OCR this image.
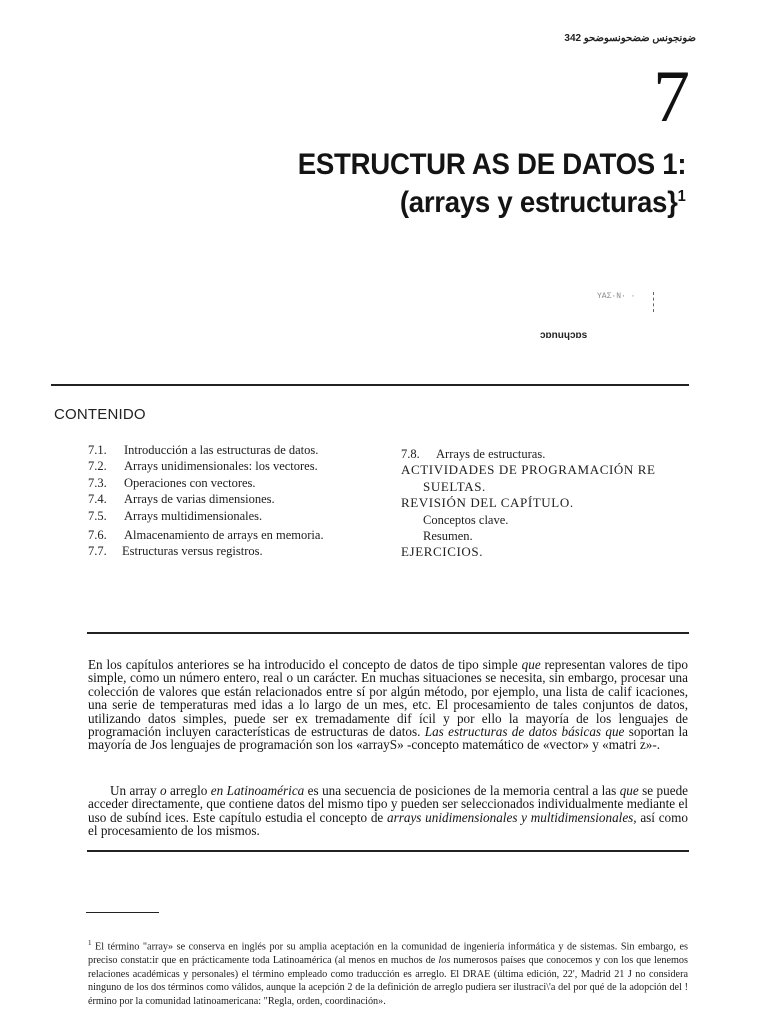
ضونجونس ضضحونسوضحو 342
7
ESTRUCTUR AS DE DATOS 1:
(arrays y estructuras}$^1$
ΥΑΣ·Ν· ·
ɔɒnuɥɔɒs
CONTENIDO
7.1. Introducción a las estructuras de datos.
7.2. Arrays unidimensionales: los vectores.
7.3. Operaciones con vectores.
7.4. Arrays de varias dimensiones.
7.5. Arrays multidimensionales.
7.6. Almacenamiento de arrays en memoria.
7.7. Estructuras versus registros.
7.8. Arrays de estructuras.
ACTIVIDADES DE PROGRAMACIÓN RE
SUELTAS.
REVISIÓN DEL CAPÍTULO.
Conceptos clave.
Resumen.
EJERCICIOS.
En los capítulos anteriores se ha introducido el concepto de datos de tipo simple que representan valores de tipo simple, como un número entero, real o un carácter. En muchas situaciones se necesita, sin embargo, procesar una colección de valores que están relacionados entre sí por algún método, por ejemplo, una lista de calif icaciones, una serie de temperaturas med idas a lo largo de un mes, etc. El procesamiento de tales conjuntos de datos, utilizando datos simples, puede ser ex tremadamente dif ícil y por ello la mayoría de los lenguajes de programación incluyen características de estructuras de datos. Las estructuras de datos básicas que soportan la mayoría de Jos lenguajes de programación son los «arrayS» -concepto matemático de «vector» y «matri z»-.
Un array o arreglo en Latinoamérica es una secuencia de posiciones de la memoria central a las que se puede acceder directamente, que contiene datos del mismo tipo y pueden ser seleccionados individualmente mediante el uso de subínd ices. Este capítulo estudia el concepto de arrays unidimensionales y multidimensionales, así como el procesamiento de los mismos.
$^1$ El término "array» se conserva en inglés por su amplia aceptación en la comunidad de ingeniería informática y de sistemas. Sin embargo, es preciso constat:ir que en prácticamente toda Latinoamérica (al menos en muchos de los numerosos países que conocemos y con los que lenemos relaciones académicas y personales) el término empleado como traducción es arreglo. El DRAE (última edición, 22', Madrid 21 J no considera ninguno de los dos términos como válidos, aunque la acepción 2 de la definición de arreglo pudiera ser ilustraci\'a del por qué de la adopción del !érmino por la comunidad latinoamericana: "Regla, orden, coordinación».
